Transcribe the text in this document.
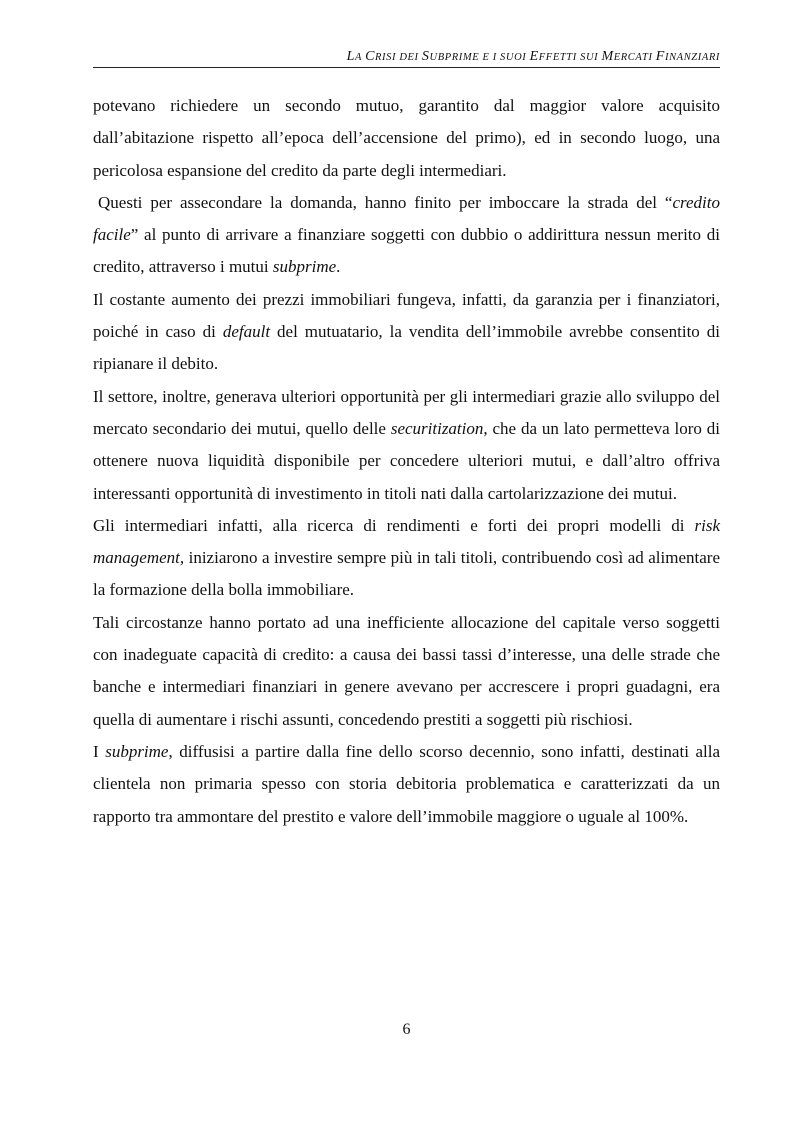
LA CRISI DEI SUBPRIME E I SUOI EFFETTI SUI MERCATI FINANZIARI

potevano richiedere un secondo mutuo, garantito dal maggior valore acquisito dall’abitazione rispetto all’epoca dell’accensione del primo), ed in secondo luogo, una pericolosa espansione del credito da parte degli intermediari.

Questi per assecondare la domanda, hanno finito per imboccare la strada del “credito facile” al punto di arrivare a finanziare soggetti con dubbio o addirittura nessun merito di credito, attraverso i mutui subprime.

Il costante aumento dei prezzi immobiliari fungeva, infatti, da garanzia per i finanziatori, poiché in caso di default del mutuatario, la vendita dell’immobile avrebbe consentito di ripianare il debito.

Il settore, inoltre, generava ulteriori opportunità per gli intermediari grazie allo sviluppo del mercato secondario dei mutui, quello delle securitization, che da un lato permetteva loro di ottenere nuova liquidità disponibile per concedere ulteriori mutui, e dall’altro offriva interessanti opportunità di investimento in titoli nati dalla cartolarizzazione dei mutui.

Gli intermediari infatti, alla ricerca di rendimenti e forti dei propri modelli di risk management, iniziarono a investire sempre più in tali titoli, contribuendo così ad alimentare la formazione della bolla immobiliare.

Tali circostanze hanno portato ad una inefficiente allocazione del capitale verso soggetti con inadeguate capacità di credito: a causa dei bassi tassi d’interesse, una delle strade che banche e intermediari finanziari in genere avevano per accrescere i propri guadagni, era quella di aumentare i rischi assunti, concedendo prestiti a soggetti più rischiosi.

I subprime, diffusisi a partire dalla fine dello scorso decennio, sono infatti, destinati alla clientela non primaria spesso con storia debitoria problematica e caratterizzati da un rapporto tra ammontare del prestito e valore dell’immobile maggiore o uguale al 100%.

6
